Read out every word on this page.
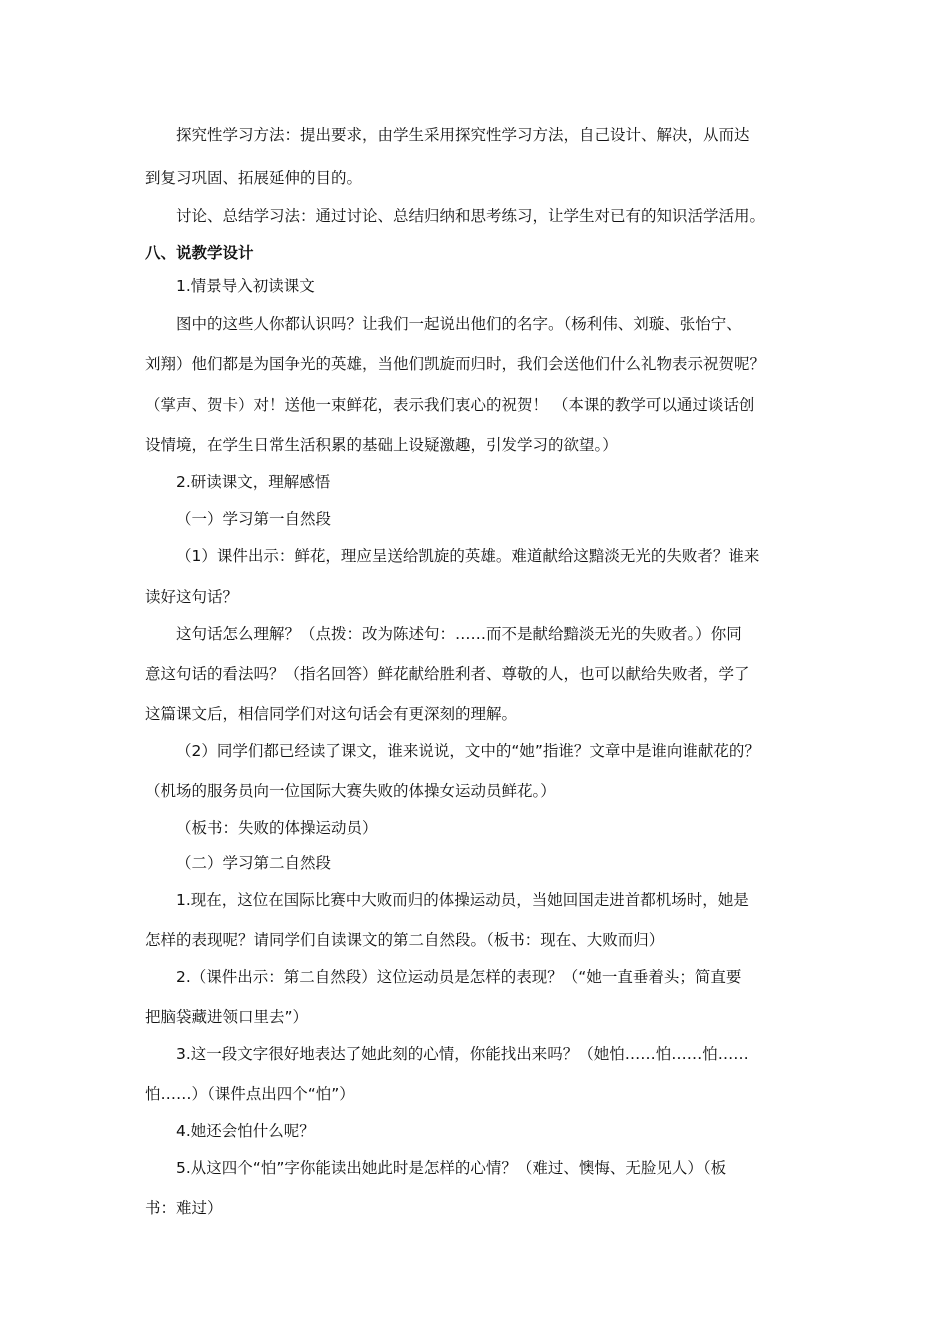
探究性学习方法：提出要求，由学生采用探究性学习方法，自己设计、解决，从而达
到复习巩固、拓展延伸的目的。
讨论、总结学习法：通过讨论、总结归纳和思考练习，让学生对已有的知识活学活用。
八、说教学设计
1.情景导入初读课文
图中的这些人你都认识吗？让我们一起说出他们的名字。（杨利伟、刘璇、张怡宁、
刘翔）他们都是为国争光的英雄，当他们凯旋而归时，我们会送他们什么礼物表示祝贺呢？
（掌声、贺卡）对！送他一束鲜花，表示我们衷心的祝贺！ （本课的教学可以通过谈话创
设情境，在学生日常生活积累的基础上设疑激趣，引发学习的欲望。）
2.研读课文，理解感悟
（一）学习第一自然段
（1）课件出示：鲜花，理应呈送给凯旋的英雄。难道献给这黯淡无光的失败者？谁来
读好这句话？
这句话怎么理解？（点拨：改为陈述句：……而不是献给黯淡无光的失败者。）你同
意这句话的看法吗？（指名回答）鲜花献给胜利者、尊敬的人，也可以献给失败者，学了
这篇课文后，相信同学们对这句话会有更深刻的理解。
（2）同学们都已经读了课文，谁来说说，文中的“她”指谁？文章中是谁向谁献花的？
（机场的服务员向一位国际大赛失败的体操女运动员鲜花。）
（板书：失败的体操运动员）
（二）学习第二自然段
1.现在，这位在国际比赛中大败而归的体操运动员，当她回国走进首都机场时，她是
怎样的表现呢？请同学们自读课文的第二自然段。（板书：现在、大败而归）
2.（课件出示：第二自然段）这位运动员是怎样的表现？（“她一直垂着头；简直要
把脑袋藏进领口里去”）
3.这一段文字很好地表达了她此刻的心情，你能找出来吗？（她怕……怕……怕……
怕……）（课件点出四个“怕”）
4.她还会怕什么呢？
5.从这四个“怕”字你能读出她此时是怎样的心情？（难过、懊悔、无脸见人）（板
书：难过）
